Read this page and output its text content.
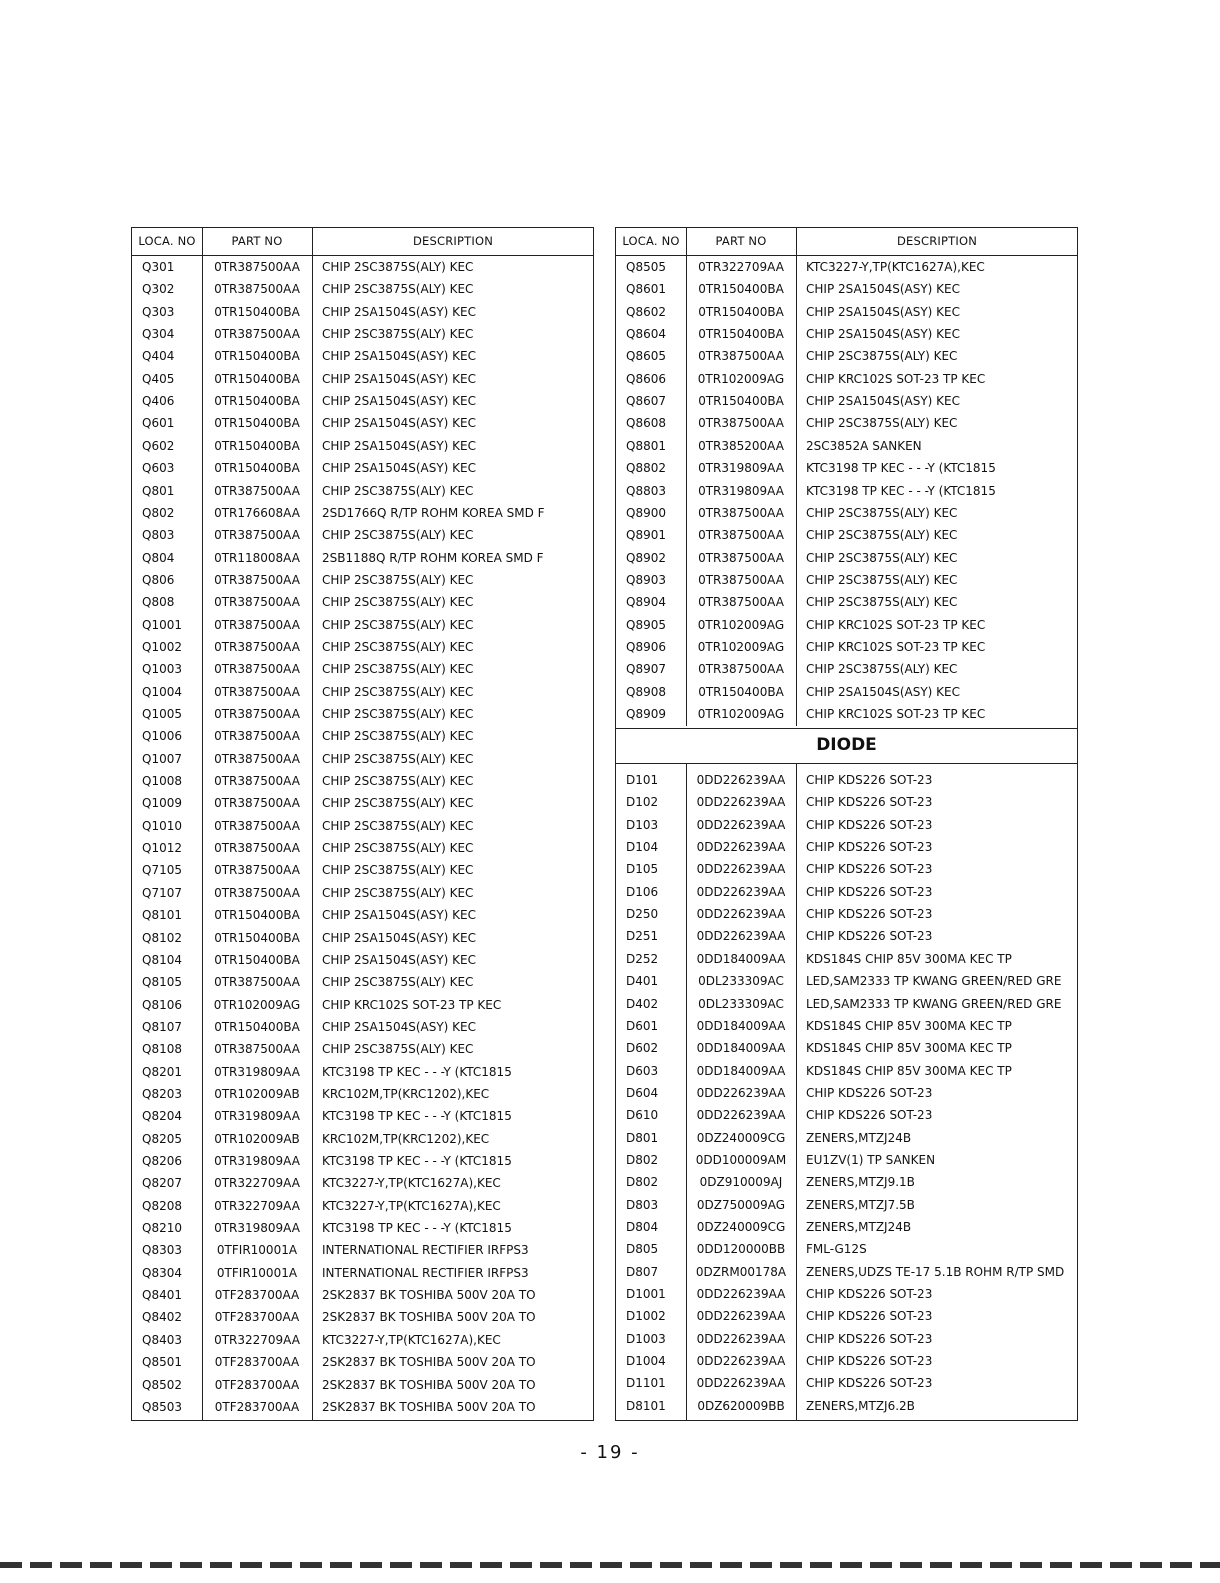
LOCA. NO	PART NO	DESCRIPTION
Q301	0TR387500AA	CHIP 2SC3875S(ALY) KEC
Q302	0TR387500AA	CHIP 2SC3875S(ALY) KEC
Q303	0TR150400BA	CHIP 2SA1504S(ASY) KEC
Q304	0TR387500AA	CHIP 2SC3875S(ALY) KEC
Q404	0TR150400BA	CHIP 2SA1504S(ASY) KEC
Q405	0TR150400BA	CHIP 2SA1504S(ASY) KEC
Q406	0TR150400BA	CHIP 2SA1504S(ASY) KEC
Q601	0TR150400BA	CHIP 2SA1504S(ASY) KEC
Q602	0TR150400BA	CHIP 2SA1504S(ASY) KEC
Q603	0TR150400BA	CHIP 2SA1504S(ASY) KEC
Q801	0TR387500AA	CHIP 2SC3875S(ALY) KEC
Q802	0TR176608AA	2SD1766Q R/TP ROHM KOREA SMD F
Q803	0TR387500AA	CHIP 2SC3875S(ALY) KEC
Q804	0TR118008AA	2SB1188Q R/TP ROHM KOREA SMD F
Q806	0TR387500AA	CHIP 2SC3875S(ALY) KEC
Q808	0TR387500AA	CHIP 2SC3875S(ALY) KEC
Q1001	0TR387500AA	CHIP 2SC3875S(ALY) KEC
Q1002	0TR387500AA	CHIP 2SC3875S(ALY) KEC
Q1003	0TR387500AA	CHIP 2SC3875S(ALY) KEC
Q1004	0TR387500AA	CHIP 2SC3875S(ALY) KEC
Q1005	0TR387500AA	CHIP 2SC3875S(ALY) KEC
Q1006	0TR387500AA	CHIP 2SC3875S(ALY) KEC
Q1007	0TR387500AA	CHIP 2SC3875S(ALY) KEC
Q1008	0TR387500AA	CHIP 2SC3875S(ALY) KEC
Q1009	0TR387500AA	CHIP 2SC3875S(ALY) KEC
Q1010	0TR387500AA	CHIP 2SC3875S(ALY) KEC
Q1012	0TR387500AA	CHIP 2SC3875S(ALY) KEC
Q7105	0TR387500AA	CHIP 2SC3875S(ALY) KEC
Q7107	0TR387500AA	CHIP 2SC3875S(ALY) KEC
Q8101	0TR150400BA	CHIP 2SA1504S(ASY) KEC
Q8102	0TR150400BA	CHIP 2SA1504S(ASY) KEC
Q8104	0TR150400BA	CHIP 2SA1504S(ASY) KEC
Q8105	0TR387500AA	CHIP 2SC3875S(ALY) KEC
Q8106	0TR102009AG	CHIP KRC102S SOT-23 TP KEC
Q8107	0TR150400BA	CHIP 2SA1504S(ASY) KEC
Q8108	0TR387500AA	CHIP 2SC3875S(ALY) KEC
Q8201	0TR319809AA	KTC3198 TP KEC - - -Y (KTC1815
Q8203	0TR102009AB	KRC102M,TP(KRC1202),KEC
Q8204	0TR319809AA	KTC3198 TP KEC - - -Y (KTC1815
Q8205	0TR102009AB	KRC102M,TP(KRC1202),KEC
Q8206	0TR319809AA	KTC3198 TP KEC - - -Y (KTC1815
Q8207	0TR322709AA	KTC3227-Y,TP(KTC1627A),KEC
Q8208	0TR322709AA	KTC3227-Y,TP(KTC1627A),KEC
Q8210	0TR319809AA	KTC3198 TP KEC - - -Y (KTC1815
Q8303	0TFIR10001A	INTERNATIONAL RECTIFIER IRFPS3
Q8304	0TFIR10001A	INTERNATIONAL RECTIFIER IRFPS3
Q8401	0TF283700AA	2SK2837 BK TOSHIBA 500V 20A TO
Q8402	0TF283700AA	2SK2837 BK TOSHIBA 500V 20A TO
Q8403	0TR322709AA	KTC3227-Y,TP(KTC1627A),KEC
Q8501	0TF283700AA	2SK2837 BK TOSHIBA 500V 20A TO
Q8502	0TF283700AA	2SK2837 BK TOSHIBA 500V 20A TO
Q8503	0TF283700AA	2SK2837 BK TOSHIBA 500V 20A TO
LOCA. NO	PART NO	DESCRIPTION
Q8505	0TR322709AA	KTC3227-Y,TP(KTC1627A),KEC
Q8601	0TR150400BA	CHIP 2SA1504S(ASY) KEC
Q8602	0TR150400BA	CHIP 2SA1504S(ASY) KEC
Q8604	0TR150400BA	CHIP 2SA1504S(ASY) KEC
Q8605	0TR387500AA	CHIP 2SC3875S(ALY) KEC
Q8606	0TR102009AG	CHIP KRC102S SOT-23 TP KEC
Q8607	0TR150400BA	CHIP 2SA1504S(ASY) KEC
Q8608	0TR387500AA	CHIP 2SC3875S(ALY) KEC
Q8801	0TR385200AA	2SC3852A SANKEN
Q8802	0TR319809AA	KTC3198 TP KEC - - -Y (KTC1815
Q8803	0TR319809AA	KTC3198 TP KEC - - -Y (KTC1815
Q8900	0TR387500AA	CHIP 2SC3875S(ALY) KEC
Q8901	0TR387500AA	CHIP 2SC3875S(ALY) KEC
Q8902	0TR387500AA	CHIP 2SC3875S(ALY) KEC
Q8903	0TR387500AA	CHIP 2SC3875S(ALY) KEC
Q8904	0TR387500AA	CHIP 2SC3875S(ALY) KEC
Q8905	0TR102009AG	CHIP KRC102S SOT-23 TP KEC
Q8906	0TR102009AG	CHIP KRC102S SOT-23 TP KEC
Q8907	0TR387500AA	CHIP 2SC3875S(ALY) KEC
Q8908	0TR150400BA	CHIP 2SA1504S(ASY) KEC
Q8909	0TR102009AG	CHIP KRC102S SOT-23 TP KEC
DIODE
D101	0DD226239AA	CHIP KDS226 SOT-23
D102	0DD226239AA	CHIP KDS226 SOT-23
D103	0DD226239AA	CHIP KDS226 SOT-23
D104	0DD226239AA	CHIP KDS226 SOT-23
D105	0DD226239AA	CHIP KDS226 SOT-23
D106	0DD226239AA	CHIP KDS226 SOT-23
D250	0DD226239AA	CHIP KDS226 SOT-23
D251	0DD226239AA	CHIP KDS226 SOT-23
D252	0DD184009AA	KDS184S CHIP 85V 300MA KEC TP
D401	0DL233309AC	LED,SAM2333 TP KWANG GREEN/RED GRE
D402	0DL233309AC	LED,SAM2333 TP KWANG GREEN/RED GRE
D601	0DD184009AA	KDS184S CHIP 85V 300MA KEC TP
D602	0DD184009AA	KDS184S CHIP 85V 300MA KEC TP
D603	0DD184009AA	KDS184S CHIP 85V 300MA KEC TP
D604	0DD226239AA	CHIP KDS226 SOT-23
D610	0DD226239AA	CHIP KDS226 SOT-23
D801	0DZ240009CG	ZENERS,MTZJ24B
D802	0DD100009AM	EU1ZV(1) TP SANKEN
D802	0DZ910009AJ	ZENERS,MTZJ9.1B
D803	0DZ750009AG	ZENERS,MTZJ7.5B
D804	0DZ240009CG	ZENERS,MTZJ24B
D805	0DD120000BB	FML-G12S
D807	0DZRM00178A	ZENERS,UDZS TE-17 5.1B ROHM R/TP SMD
D1001	0DD226239AA	CHIP KDS226 SOT-23
D1002	0DD226239AA	CHIP KDS226 SOT-23
D1003	0DD226239AA	CHIP KDS226 SOT-23
D1004	0DD226239AA	CHIP KDS226 SOT-23
D1101	0DD226239AA	CHIP KDS226 SOT-23
D8101	0DZ620009BB	ZENERS,MTZJ6.2B
- 19 -
